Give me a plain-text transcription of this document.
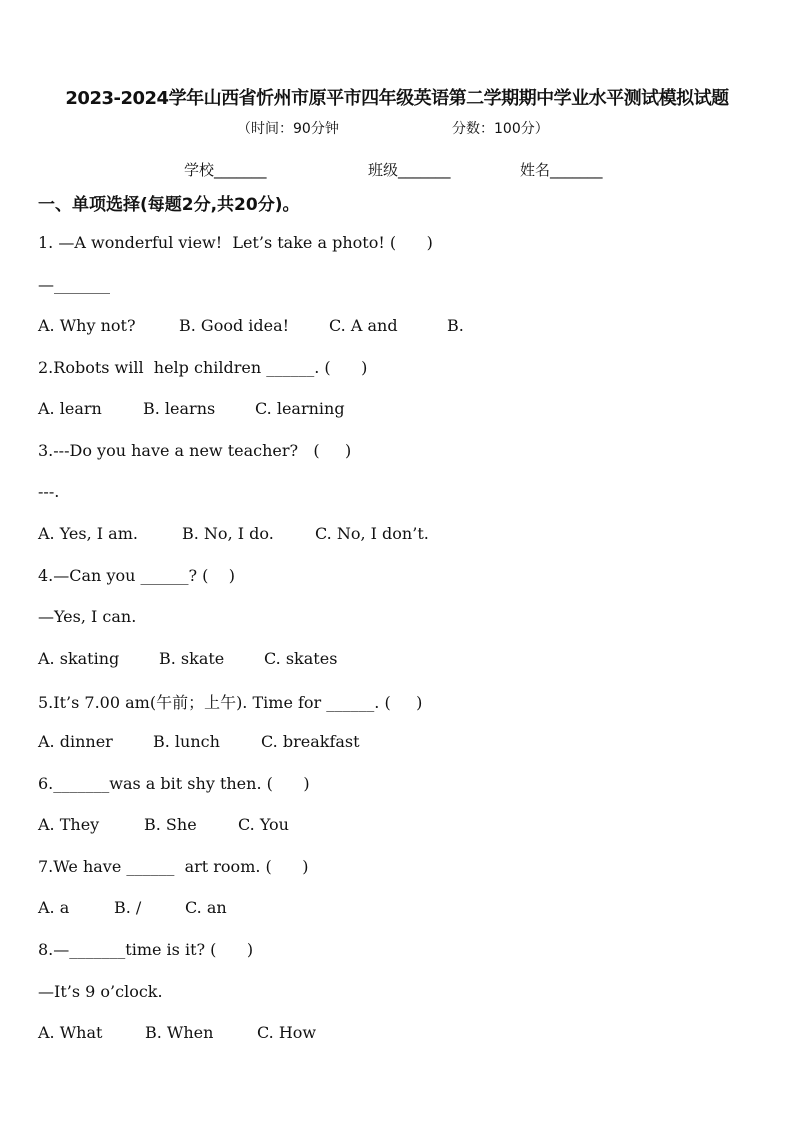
2023-2024学年山西省忻州市原平市四年级英语第二学期期中学业水平测试模拟试题
（时间：90分钟	分数：100分）
学校_______	班级_______	姓名_______
一、单项选择(每题2分,共20分)。
1. —A wonderful view!  Let’s take a photo! (      )
—_______
A. Why not?	B. Good idea! C. A and	B.
2.Robots will  help children ______. (      )
A. learn	B. learns C. learning
3.---Do you have a new teacher?   (     )
---.
A. Yes, I am.	B. No, I do.	C. No, I don’t.
4.—Can you ______? (    )
—Yes, I can.
A. skating B. skate C. skates
5.It’s 7.00 am(午前；上午). Time for ______. (     )
A. dinner	B. lunch	C. breakfast
6._______was a bit shy then. (      )
A. They	B. She	C. You
7.We have ______  art room. (      )
A. a	B. /	C. an
8.—_______time is it? (      )
—It’s 9 o’clock.
A. What	B. When	C. How
